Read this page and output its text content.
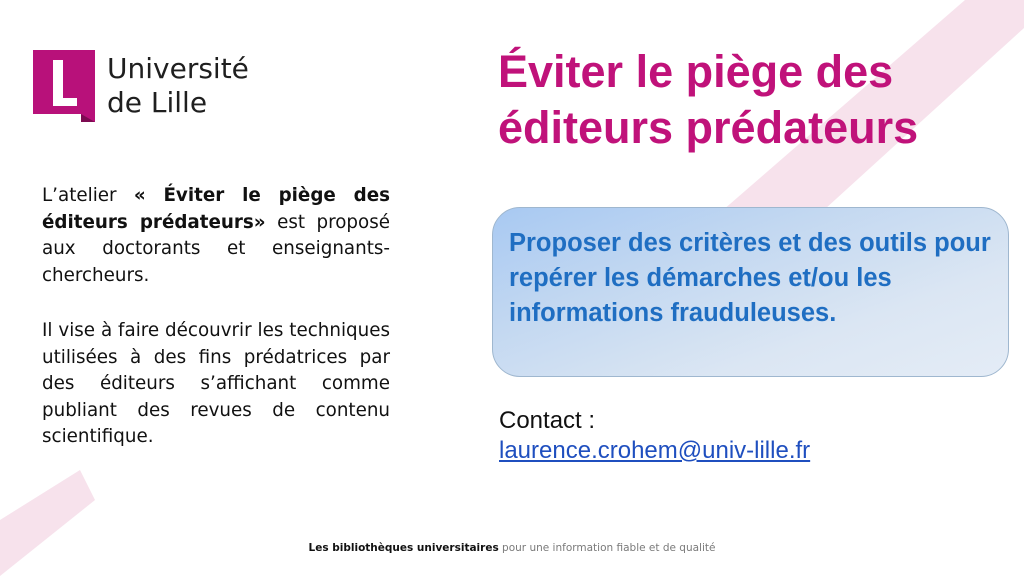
Université
de Lille
Éviter le piège des éditeurs prédateurs

L’atelier « Éviter le piège des éditeurs prédateurs» est proposé aux doctorants et enseignants-chercheurs.

Il vise à faire découvrir les techniques utilisées à des fins prédatrices par des éditeurs s’affichant comme publiant des revues de contenu scientifique.

Proposer des critères et des outils pour repérer les démarches et/ou les informations frauduleuses.
Contact :
laurence.crohem@univ-lille.fr
Les bibliothèques universitaires pour une information fiable et de qualité
